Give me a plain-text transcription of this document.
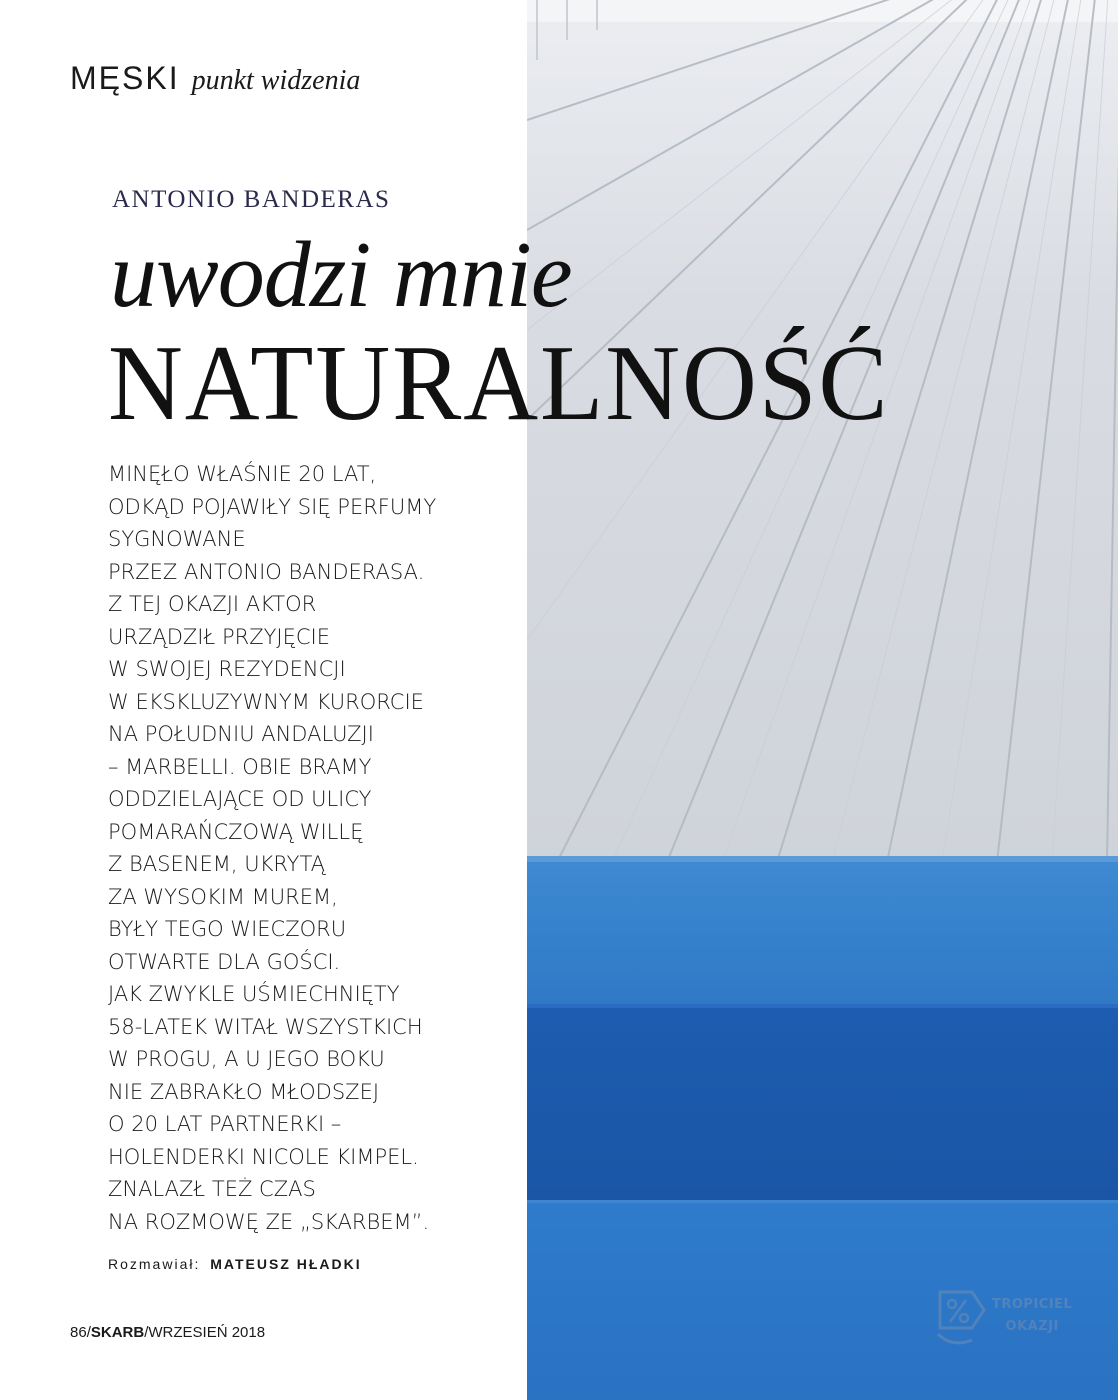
MĘSKI punkt widzenia
ANTONIO BANDERAS
uwodzi mnie
NATURALNOŚĆ
MINĘŁO WŁAŚNIE 20 LAT,
ODKĄD POJAWIŁY SIĘ PERFUMY
SYGNOWANE
PRZEZ ANTONIO BANDERASA.
Z TEJ OKAZJI AKTOR
URZĄDZIŁ PRZYJĘCIE
W SWOJEJ REZYDENCJI
W EKSKLUZYWNYM KURORCIE
NA POŁUDNIU ANDALUZJI
– MARBELLI. OBIE BRAMY
ODDZIELAJĄCE OD ULICY
POMARAŃCZOWĄ WILLĘ
Z BASENEM, UKRYTĄ
ZA WYSOKIM MUREM,
BYŁY TEGO WIECZORU
OTWARTE DLA GOŚCI.
JAK ZWYKLE UŚMIECHNIĘTY
58-LATEK WITAŁ WSZYSTKICH
W PROGU, A U JEGO BOKU
NIE ZABRAKŁO MŁODSZEJ
O 20 LAT PARTNERKI –
HOLENDERKI NICOLE KIMPEL.
ZNALAZŁ TEŻ CZAS
NA ROZMOWĘ ZE „SKARBEM”.
Rozmawiał: MATEUSZ HŁADKI
86/SKARB/WRZESIEŃ 2018
TROPICIEL
OKAZJI
